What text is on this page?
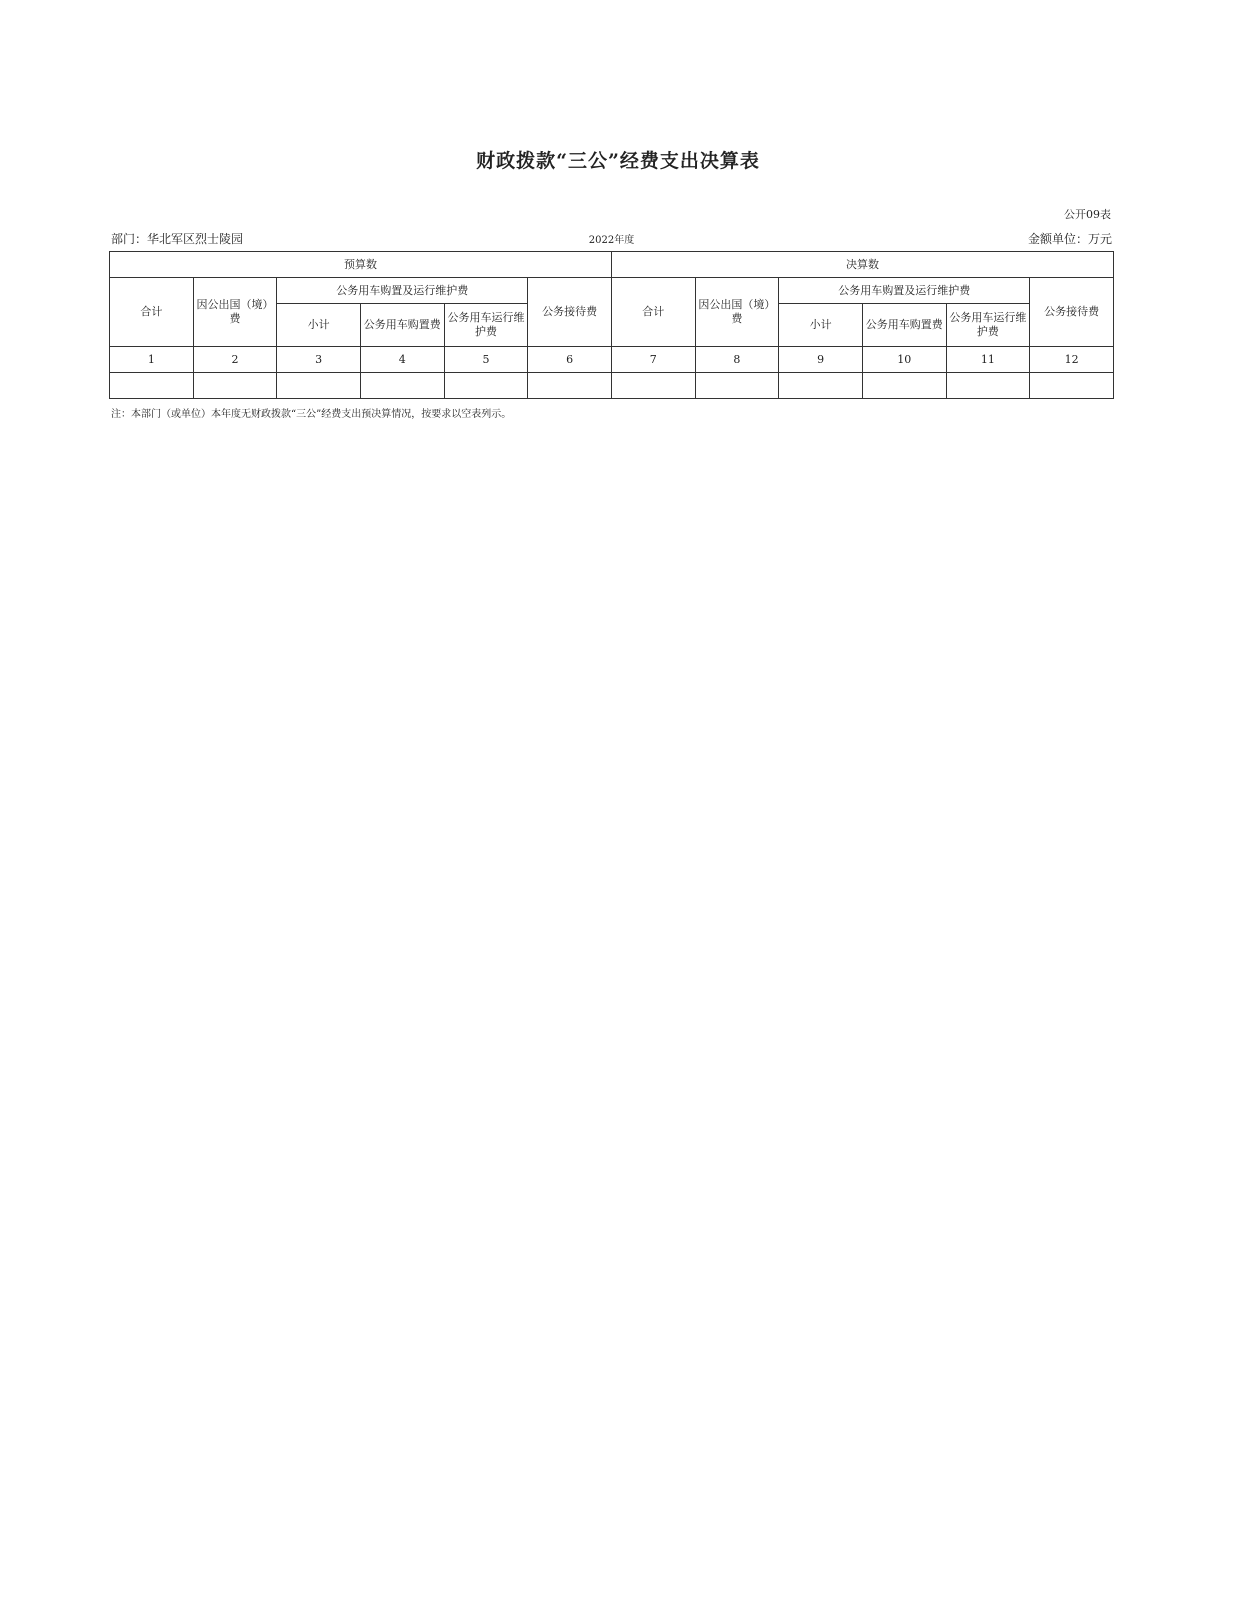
财政拨款“三公”经费支出决算表
公开09表
部门：华北军区烈士陵园	2022年度	金额单位：万元
预算数						决算数					
合计	因公出国（境）费	公务用车购置及运行维护费			公务接待费	合计	因公出国（境）费	公务用车购置及运行维护费			公务接待费
		小计	公务用车购置费	公务用车运行维护费				小计	公务用车购置费	公务用车运行维护费	
1	2	3	4	5	6	7	8	9	10	11	12

注：本部门（或单位）本年度无财政拨款“三公”经费支出预决算情况，按要求以空表列示。
